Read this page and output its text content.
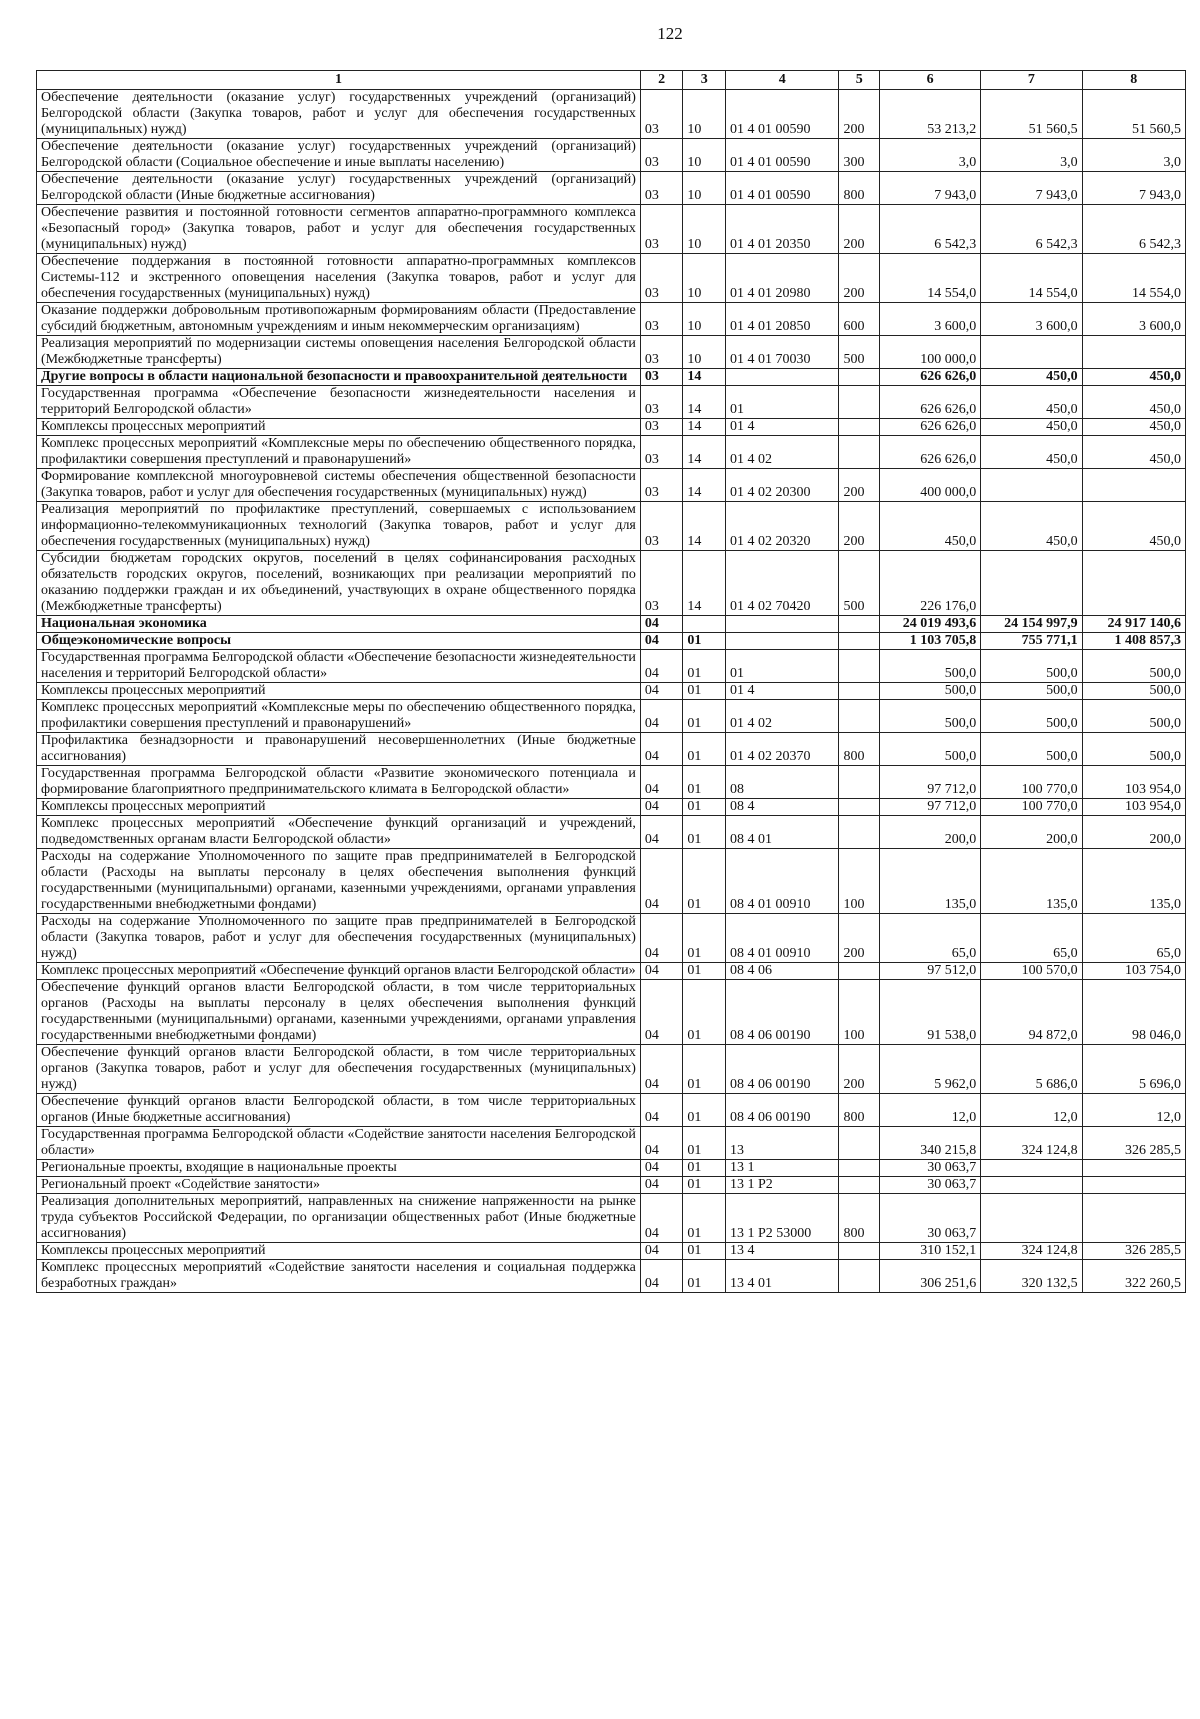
122
1	2	3	4	5	6	7	8
Обеспечение деятельности (оказание услуг) государственных учреждений (организаций) Белгородской области (Закупка товаров, работ и услуг для обеспечения государственных (муниципальных) нужд)	03	10	01 4 01 00590	200	53 213,2	51 560,5	51 560,5
Обеспечение деятельности (оказание услуг) государственных учреждений (организаций) Белгородской области (Социальное обеспечение и иные выплаты населению)	03	10	01 4 01 00590	300	3,0	3,0	3,0
Обеспечение деятельности (оказание услуг) государственных учреждений (организаций) Белгородской области (Иные бюджетные ассигнования)	03	10	01 4 01 00590	800	7 943,0	7 943,0	7 943,0
Обеспечение развития и постоянной готовности сегментов аппаратно-программного комплекса «Безопасный город» (Закупка товаров, работ и услуг для обеспечения государственных (муниципальных) нужд)	03	10	01 4 01 20350	200	6 542,3	6 542,3	6 542,3
Обеспечение поддержания в постоянной готовности аппаратно-программных комплексов Системы-112 и экстренного оповещения населения (Закупка товаров, работ и услуг для обеспечения государственных (муниципальных) нужд)	03	10	01 4 01 20980	200	14 554,0	14 554,0	14 554,0
Оказание поддержки добровольным противопожарным формированиям области (Предоставление субсидий бюджетным, автономным учреждениям и иным некоммерческим организациям)	03	10	01 4 01 20850	600	3 600,0	3 600,0	3 600,0
Реализация мероприятий по модернизации системы оповещения населения Белгородской области (Межбюджетные трансферты)	03	10	01 4 01 70030	500	100 000,0		
Другие вопросы в области национальной безопасности и правоохранительной деятельности	03	14			626 626,0	450,0	450,0
Государственная программа «Обеспечение безопасности жизнедеятельности населения и территорий Белгородской области»	03	14	01		626 626,0	450,0	450,0
Комплексы процессных мероприятий	03	14	01 4		626 626,0	450,0	450,0
Комплекс процессных мероприятий «Комплексные меры по обеспечению общественного порядка, профилактики совершения преступлений и правонарушений»	03	14	01 4 02		626 626,0	450,0	450,0
Формирование комплексной многоуровневой системы обеспечения общественной безопасности (Закупка товаров, работ и услуг для обеспечения государственных (муниципальных) нужд)	03	14	01 4 02 20300	200	400 000,0		
Реализация мероприятий по профилактике преступлений, совершаемых с использованием информационно-телекоммуникационных технологий (Закупка товаров, работ и услуг для обеспечения государственных (муниципальных) нужд)	03	14	01 4 02 20320	200	450,0	450,0	450,0
Субсидии бюджетам городских округов, поселений в целях софинансирования расходных обязательств городских округов, поселений, возникающих при реализации мероприятий по оказанию поддержки граждан и их объединений, участвующих в охране общественного порядка (Межбюджетные трансферты)	03	14	01 4 02 70420	500	226 176,0		
Национальная экономика	04				24 019 493,6	24 154 997,9	24 917 140,6
Общеэкономические вопросы	04	01			1 103 705,8	755 771,1	1 408 857,3
Государственная программа Белгородской области «Обеспечение безопасности жизнедеятельности населения и территорий Белгородской области»	04	01	01		500,0	500,0	500,0
Комплексы процессных мероприятий	04	01	01 4		500,0	500,0	500,0
Комплекс процессных мероприятий «Комплексные меры по обеспечению общественного порядка, профилактики совершения преступлений и правонарушений»	04	01	01 4 02		500,0	500,0	500,0
Профилактика безнадзорности и правонарушений несовершеннолетних (Иные бюджетные ассигнования)	04	01	01 4 02 20370	800	500,0	500,0	500,0
Государственная программа Белгородской области «Развитие экономического потенциала и формирование благоприятного предпринимательского климата в Белгородской области»	04	01	08		97 712,0	100 770,0	103 954,0
Комплексы процессных мероприятий	04	01	08 4		97 712,0	100 770,0	103 954,0
Комплекс процессных мероприятий «Обеспечение функций организаций и учреждений, подведомственных органам власти Белгородской области»	04	01	08 4 01		200,0	200,0	200,0
Расходы на содержание Уполномоченного по защите прав предпринимателей в Белгородской области (Расходы на выплаты персоналу в целях обеспечения выполнения функций государственными (муниципальными) органами, казенными учреждениями, органами управления государственными внебюджетными фондами)	04	01	08 4 01 00910	100	135,0	135,0	135,0
Расходы на содержание Уполномоченного по защите прав предпринимателей в Белгородской области (Закупка товаров, работ и услуг для обеспечения государственных (муниципальных) нужд)	04	01	08 4 01 00910	200	65,0	65,0	65,0
Комплекс процессных мероприятий «Обеспечение функций органов власти Белгородской области»	04	01	08 4 06		97 512,0	100 570,0	103 754,0
Обеспечение функций органов власти Белгородской области, в том числе территориальных органов (Расходы на выплаты персоналу в целях обеспечения выполнения функций государственными (муниципальными) органами, казенными учреждениями, органами управления государственными внебюджетными фондами)	04	01	08 4 06 00190	100	91 538,0	94 872,0	98 046,0
Обеспечение функций органов власти Белгородской области, в том числе территориальных органов (Закупка товаров, работ и услуг для обеспечения государственных (муниципальных) нужд)	04	01	08 4 06 00190	200	5 962,0	5 686,0	5 696,0
Обеспечение функций органов власти Белгородской области, в том числе территориальных органов (Иные бюджетные ассигнования)	04	01	08 4 06 00190	800	12,0	12,0	12,0
Государственная программа Белгородской области «Содействие занятости населения Белгородской области»	04	01	13		340 215,8	324 124,8	326 285,5
Региональные проекты, входящие в национальные проекты	04	01	13 1		30 063,7		
Региональный проект «Содействие занятости»	04	01	13 1 Р2		30 063,7		
Реализация дополнительных мероприятий, направленных на снижение напряженности на рынке труда субъектов Российской Федерации, по организации общественных работ (Иные бюджетные ассигнования)	04	01	13 1 Р2 53000	800	30 063,7		
Комплексы процессных мероприятий	04	01	13 4		310 152,1	324 124,8	326 285,5
Комплекс процессных мероприятий «Содействие занятости населения и социальная поддержка безработных граждан»	04	01	13 4 01		306 251,6	320 132,5	322 260,5
